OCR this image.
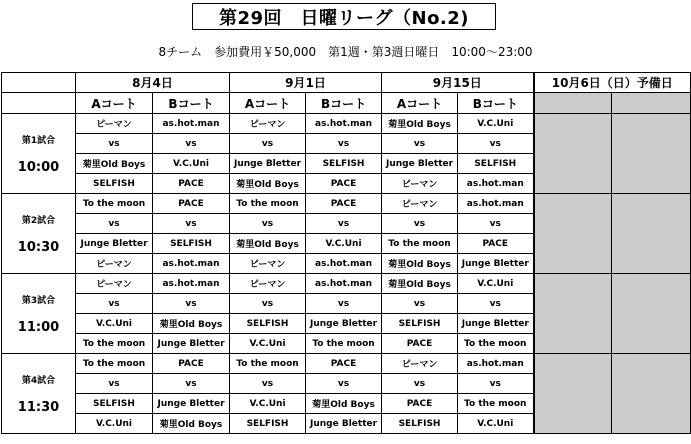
第29回　日曜リーグ（No.2)
8チーム　参加費用￥50,000　第1週・第3週日曜日　10:00〜23:00
	8月4日		9月1日		9月15日		10月6日（日）予備日	
	Aコート	Bコート	Aコート	Bコート	Aコート	Bコート		

第1試合
10:00	ピーマン	as.hot.man	ピーマン	as.hot.man	菊里Old Boys	V.C.Uni		
	vs	vs	vs	vs	vs	vs		
	菊里Old Boys	V.C.Uni	Junge Bletter	SELFISH	Junge Bletter	SELFISH		
	SELFISH	PACE	菊里Old Boys	PACE	ピーマン	as.hot.man		

第2試合
10:30	To the moon	PACE	To the moon	PACE	ピーマン	as.hot.man		
	vs	vs	vs	vs	vs	vs		
	Junge Bletter	SELFISH	菊里Old Boys	V.C.Uni	To the moon	PACE		
	ピーマン	as.hot.man	ピーマン	as.hot.man	菊里Old Boys	Junge Bletter		

第3試合
11:00	ピーマン	as.hot.man	ピーマン	as.hot.man	菊里Old Boys	V.C.Uni		
	vs	vs	vs	vs	vs	vs		
	V.C.Uni	菊里Old Boys	SELFISH	Junge Bletter	SELFISH	Junge Bletter		
	To the moon	Junge Bletter	V.C.Uni	To the moon	PACE	To the moon		

第4試合
11:30	To the moon	PACE	To the moon	PACE	ピーマン	as.hot.man		
	vs	vs	vs	vs	vs	vs		
	SELFISH	Junge Bletter	V.C.Uni	菊里Old Boys	PACE	To the moon		
	V.C.Uni	菊里Old Boys	SELFISH	Junge Bletter	SELFISH	V.C.Uni		
